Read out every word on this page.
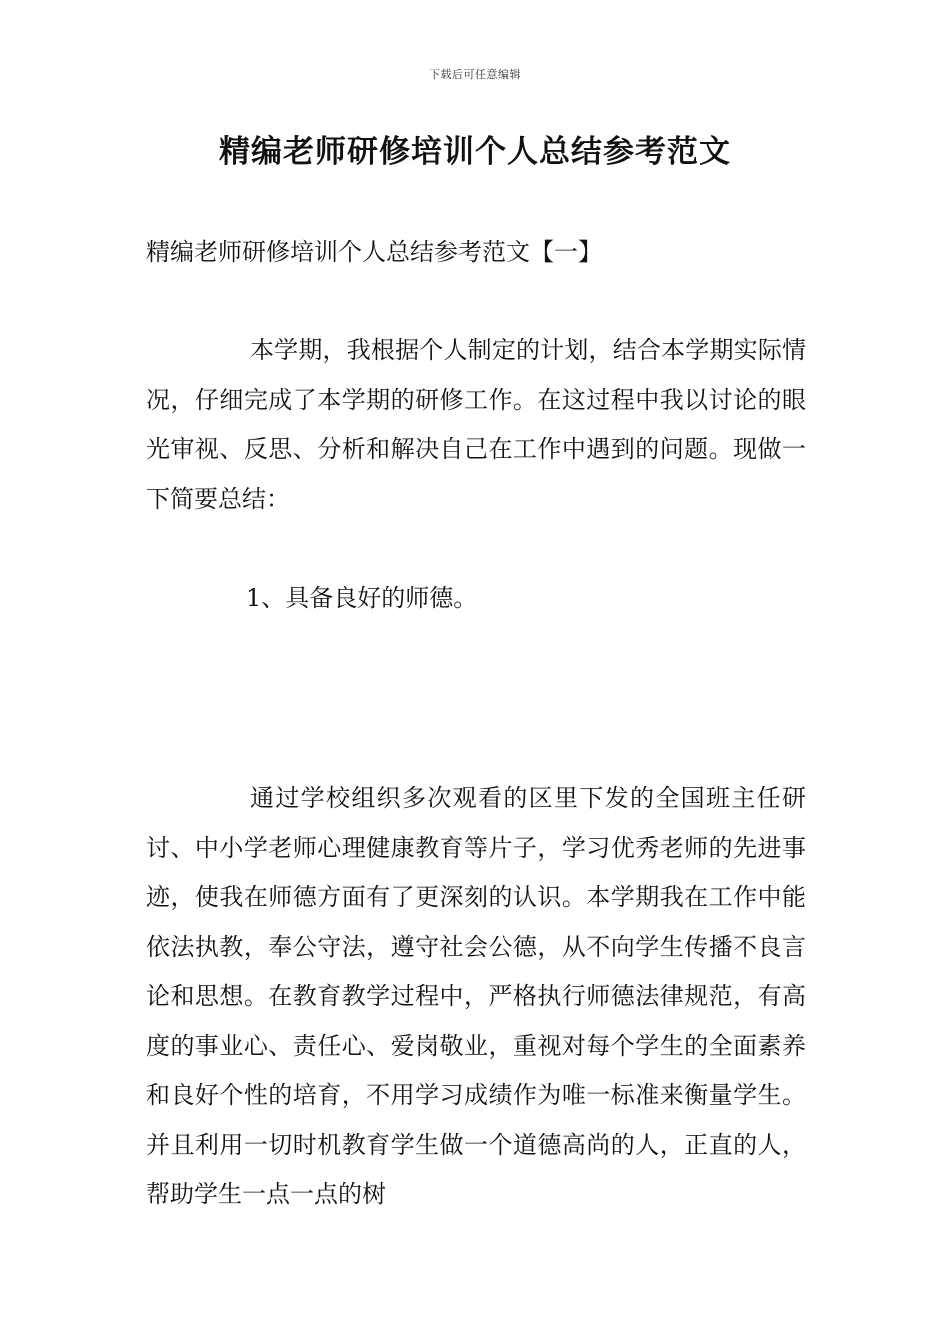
下载后可任意编辑
精编老师研修培训个人总结参考范文
精编老师研修培训个人总结参考范文【一】

本学期，我根据个人制定的计划，结合本学期实际情况，仔细完成了本学期的研修工作。在这过程中我以讨论的眼光审视、反思、分析和解决自己在工作中遇到的问题。现做一下简要总结：

1、具备良好的师德。

通过学校组织多次观看的区里下发的全国班主任研讨、中小学老师心理健康教育等片子，学习优秀老师的先进事迹，使我在师德方面有了更深刻的认识。本学期我在工作中能依法执教，奉公守法，遵守社会公德，从不向学生传播不良言论和思想。在教育教学过程中，严格执行师德法律规范，有高度的事业心、责任心、爱岗敬业，重视对每个学生的全面素养和良好个性的培育，不用学习成绩作为唯一标准来衡量学生。并且利用一切时机教育学生做一个道德高尚的人，正直的人，帮助学生一点一点的树
